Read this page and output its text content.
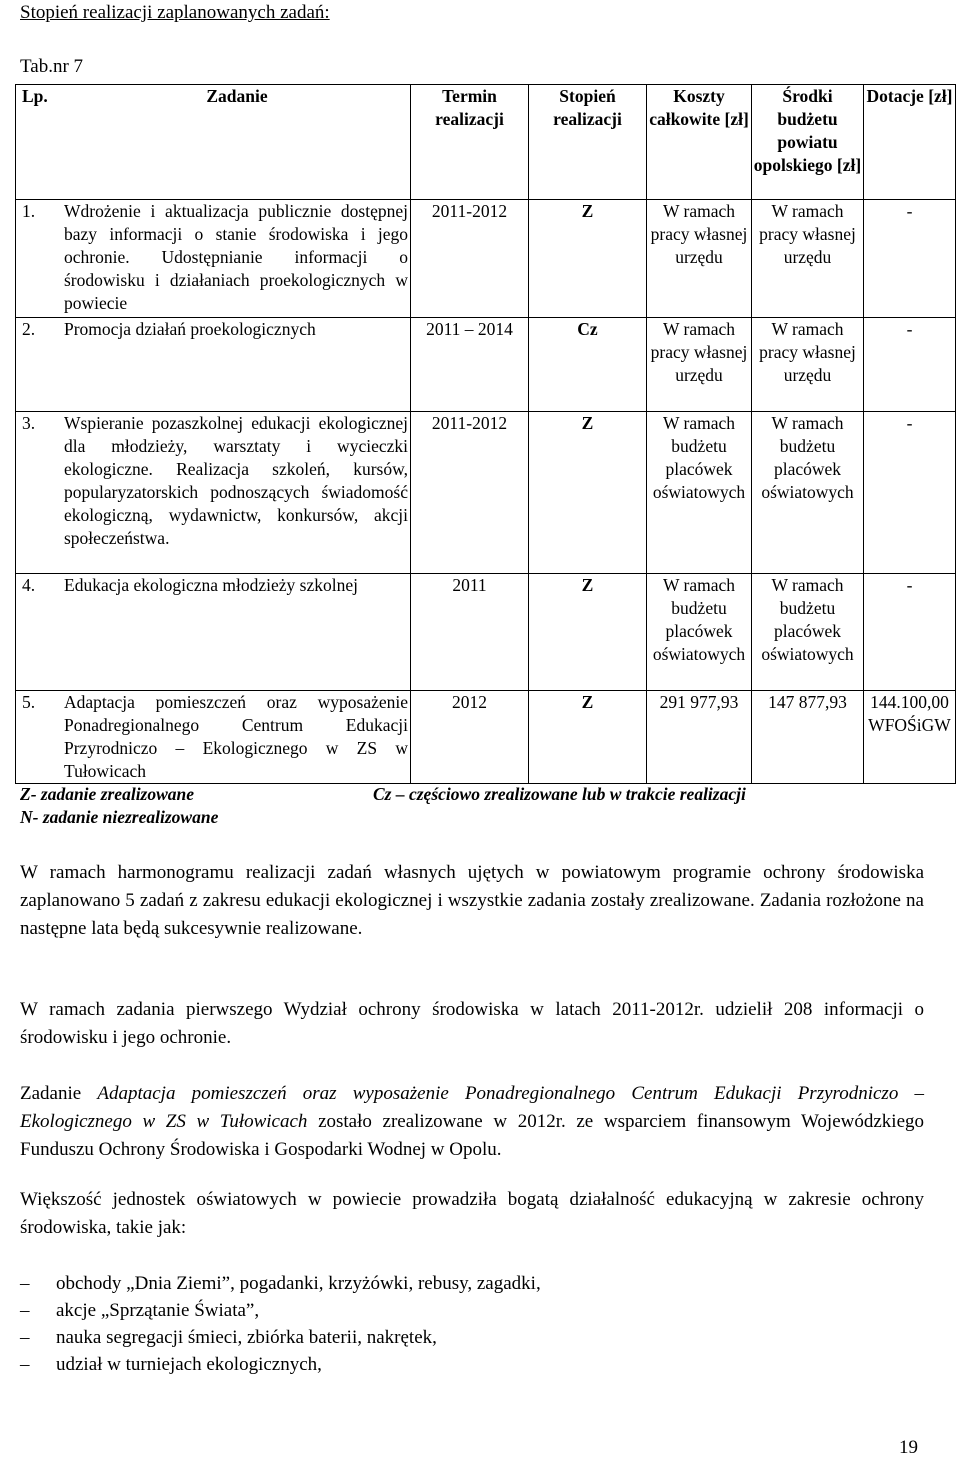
Stopień realizacji zaplanowanych zadań:
Tab.nr 7
Lp. Zadanie	Termin realizacji	Stopień realizacji	Koszty całkowite [zł]	Środki budżetu powiatu opolskiego [zł]	Dotacje [zł]

1. Wdrożenie i aktualizacja publicznie dostępnej bazy informacji o stanie środowiska i jego ochronie. Udostępnianie informacji o środowisku i działaniach proekologicznych w powiecie	2011-2012	Z	W ramach pracy własnej urzędu	W ramach pracy własnej urzędu	-

2. Promocja działań proekologicznych	2011 – 2014	Cz	W ramach pracy własnej urzędu	W ramach pracy własnej urzędu	-

3. Wspieranie pozaszkolnej edukacji ekologicznej dla młodzieży, warsztaty i wycieczki ekologiczne. Realizacja szkoleń, kursów, popularyzatorskich podnoszących świadomość ekologiczną, wydawnictw, konkursów, akcji społeczeństwa.	2011-2012	Z	W ramach budżetu placówek oświatowych	W ramach budżetu placówek oświatowych	-

4. Edukacja ekologiczna młodzieży szkolnej	2011	Z	W ramach budżetu placówek oświatowych	W ramach budżetu placówek oświatowych	-

5. Adaptacja pomieszczeń oraz wyposażenie Ponadregionalnego Centrum Edukacji Przyrodniczo – Ekologicznego w ZS w Tułowicach	2012	Z	291 977,93	147 877,93	144.100,00 WFOŚiGW
Z- zadanie zrealizowane
N- zadanie niezrealizowane
Cz – częściowo zrealizowane lub w trakcie realizacji
W ramach harmonogramu realizacji zadań własnych ujętych w powiatowym programie ochrony środowiska zaplanowano 5 zadań z zakresu edukacji ekologicznej i wszystkie zadania zostały zrealizowane. Zadania rozłożone na następne lata będą sukcesywnie realizowane.
W ramach zadania pierwszego Wydział ochrony środowiska w latach 2011-2012r. udzielił 208 informacji o środowisku i jego ochronie.
Zadanie Adaptacja pomieszczeń oraz wyposażenie Ponadregionalnego Centrum Edukacji Przyrodniczo – Ekologicznego w ZS w Tułowicach zostało zrealizowane w 2012r. ze wsparciem finansowym Wojewódzkiego Funduszu Ochrony Środowiska i Gospodarki Wodnej w Opolu.
Większość jednostek oświatowych w powiecie prowadziła bogatą działalność edukacyjną w zakresie ochrony środowiska, takie jak:
–	obchody „Dnia Ziemi”, pogadanki, krzyżówki, rebusy, zagadki,
–	akcje „Sprzątanie Świata”,
–	nauka segregacji śmieci, zbiórka baterii, nakrętek,
–	udział w turniejach ekologicznych,
19
